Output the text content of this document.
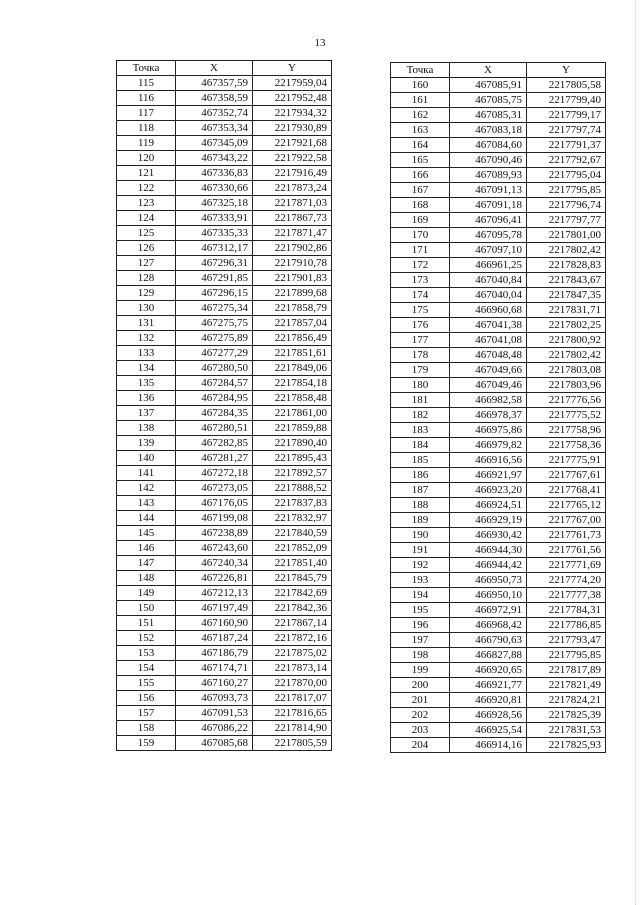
13
Точка	X	Y
115	467357,59	2217959,04
116	467358,59	2217952,48
117	467352,74	2217934,32
118	467353,34	2217930,89
119	467345,09	2217921,68
120	467343,22	2217922,58
121	467336,83	2217916,49
122	467330,66	2217873,24
123	467325,18	2217871,03
124	467333,91	2217867,73
125	467335,33	2217871,47
126	467312,17	2217902,86
127	467296,31	2217910,78
128	467291,85	2217901,83
129	467296,15	2217899,68
130	467275,34	2217858,79
131	467275,75	2217857,04
132	467275,89	2217856,49
133	467277,29	2217851,61
134	467280,50	2217849,06
135	467284,57	2217854,18
136	467284,95	2217858,48
137	467284,35	2217861,00
138	467280,51	2217859,88
139	467282,85	2217890,40
140	467281,27	2217895,43
141	467272,18	2217892,57
142	467273,05	2217888,52
143	467176,05	2217837,83
144	467199,08	2217832,97
145	467238,89	2217840,59
146	467243,60	2217852,09
147	467240,34	2217851,40
148	467226,81	2217845,79
149	467212,13	2217842,69
150	467197,49	2217842,36
151	467160,90	2217867,14
152	467187,24	2217872,16
153	467186,79	2217875,02
154	467174,71	2217873,14
155	467160,27	2217870,00
156	467093,73	2217817,07
157	467091,53	2217816,65
158	467086,22	2217814,90
159	467085,68	2217805,59
Точка	X	Y
160	467085,91	2217805,58
161	467085,75	2217799,40
162	467085,31	2217799,17
163	467083,18	2217797,74
164	467084,60	2217791,37
165	467090,46	2217792,67
166	467089,93	2217795,04
167	467091,13	2217795,85
168	467091,18	2217796,74
169	467096,41	2217797,77
170	467095,78	2217801,00
171	467097,10	2217802,42
172	466961,25	2217828,83
173	467040,84	2217843,67
174	467040,04	2217847,35
175	466960,68	2217831,71
176	467041,38	2217802,25
177	467041,08	2217800,92
178	467048,48	2217802,42
179	467049,66	2217803,08
180	467049,46	2217803,96
181	466982,58	2217776,56
182	466978,37	2217775,52
183	466975,86	2217758,96
184	466979,82	2217758,36
185	466916,56	2217775,91
186	466921,97	2217767,61
187	466923,20	2217768,41
188	466924,51	2217765,12
189	466929,19	2217767,00
190	466930,42	2217761,73
191	466944,30	2217761,56
192	466944,42	2217771,69
193	466950,73	2217774,20
194	466950,10	2217777,38
195	466972,91	2217784,31
196	466968,42	2217786,85
197	466790,63	2217793,47
198	466827,88	2217795,85
199	466920,65	2217817,89
200	466921,77	2217821,49
201	466920,81	2217824,21
202	466928,56	2217825,39
203	466925,54	2217831,53
204	466914,16	2217825,93
